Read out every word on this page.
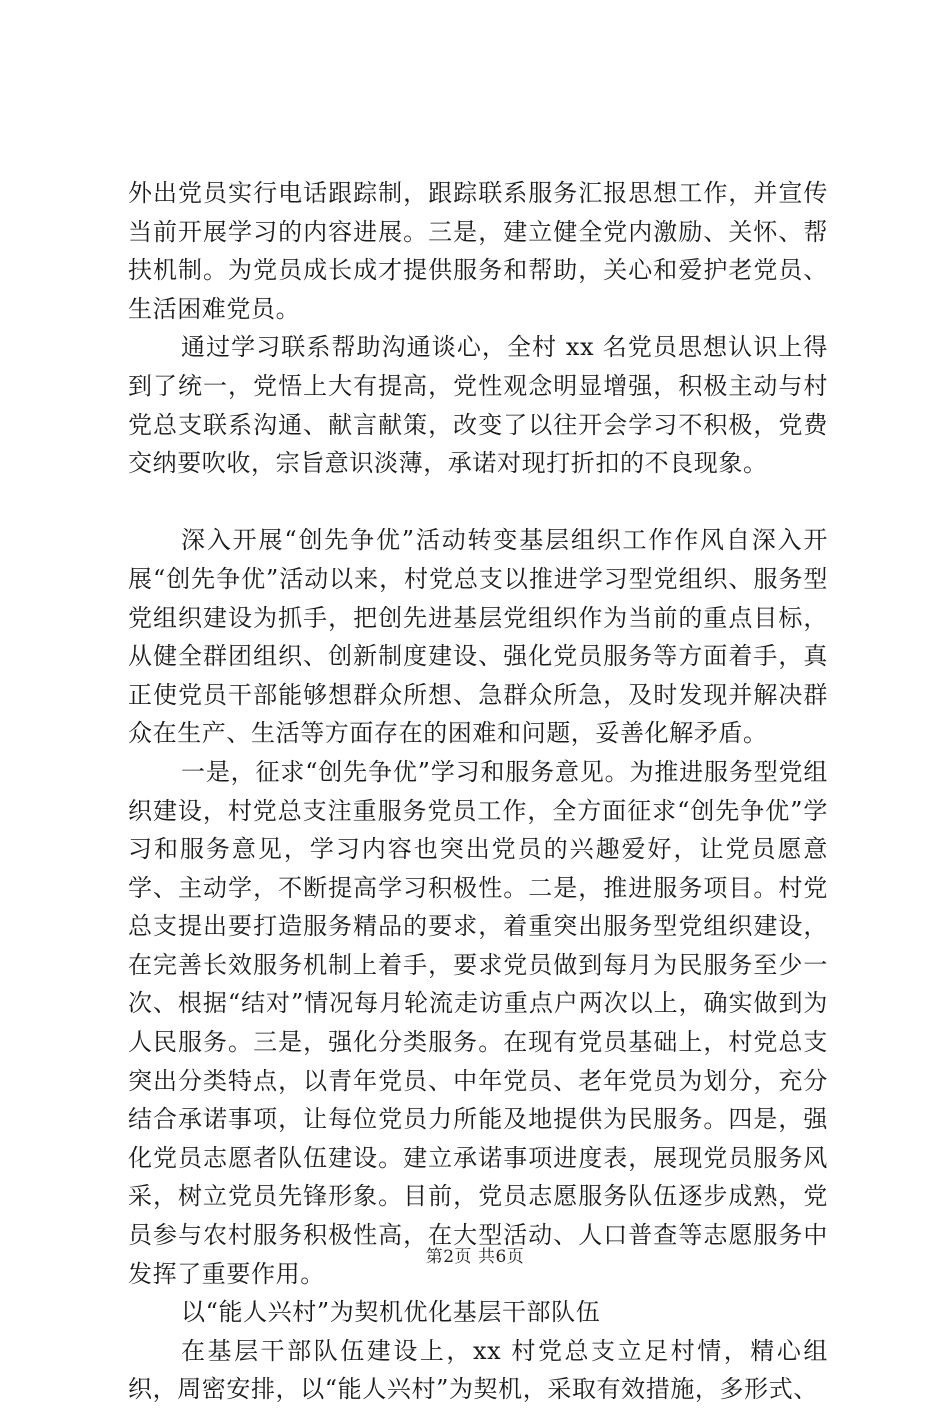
外出党员实行电话跟踪制，跟踪联系服务汇报思想工作，并宣传当前开展学习的内容进展。三是，建立健全党内激励、关怀、帮扶机制。为党员成长成才提供服务和帮助，关心和爱护老党员、生活困难党员。

通过学习联系帮助沟通谈心，全村 xx 名党员思想认识上得到了统一，党悟上大有提高，党性观念明显增强，积极主动与村党总支联系沟通、献言献策，改变了以往开会学习不积极，党费交纳要吹收，宗旨意识淡薄，承诺对现打折扣的不良现象。

深入开展“创先争优”活动转变基层组织工作作风自深入开展“创先争优”活动以来，村党总支以推进学习型党组织、服务型党组织建设为抓手，把创先进基层党组织作为当前的重点目标，从健全群团组织、创新制度建设、强化党员服务等方面着手，真正使党员干部能够想群众所想、急群众所急，及时发现并解决群众在生产、生活等方面存在的困难和问题，妥善化解矛盾。

一是，征求“创先争优”学习和服务意见。为推进服务型党组织建设，村党总支注重服务党员工作，全方面征求“创先争优”学习和服务意见，学习内容也突出党员的兴趣爱好，让党员愿意学、主动学，不断提高学习积极性。二是，推进服务项目。村党总支提出要打造服务精品的要求，着重突出服务型党组织建设，在完善长效服务机制上着手，要求党员做到每月为民服务至少一次、根据“结对”情况每月轮流走访重点户两次以上，确实做到为人民服务。三是，强化分类服务。在现有党员基础上，村党总支突出分类特点，以青年党员、中年党员、老年党员为划分，充分结合承诺事项，让每位党员力所能及地提供为民服务。四是，强化党员志愿者队伍建设。建立承诺事项进度表，展现党员服务风采，树立党员先锋形象。目前，党员志愿服务队伍逐步成熟，党员参与农村服务积极性高，在大型活动、人口普查等志愿服务中发挥了重要作用。

以“能人兴村”为契机优化基层干部队伍

在基层干部队伍建设上，xx 村党总支立足村情，精心组织，周密安排，以“能人兴村”为契机，采取有效措施，多形式、

第2页 共6页
